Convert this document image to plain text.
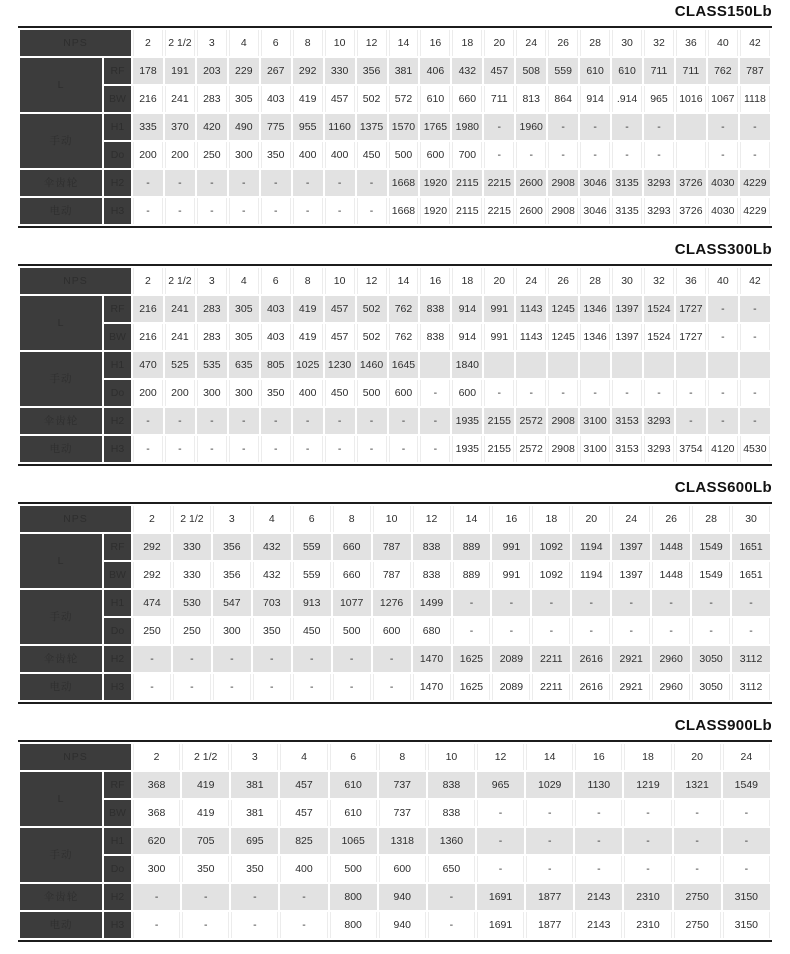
CLASS150Lb
NPS		2	2 1/2	3	4	6	8	10	12	14	16	18	20	24	26	28	30	32	36	40	42
L	RF	178	191	203	229	267	292	330	356	381	406	432	457	508	559	610	610	711	711	762	787
	BW	216	241	283	305	403	419	457	502	572	610	660	711	813	864	914	.914	965	1016	1067	1118
手动	H1	335	370	420	490	775	955	1160	1375	1570	1765	1980	-	1960	-	-	-	-		-	-
	Do	200	200	250	300	350	400	400	450	500	600	700	-	-	-	-	-	-		-	-
伞齿轮	H2	-	-	-	-	-	-	-	-	1668	1920	2115	2215	2600	2908	3046	3135	3293	3726	4030	4229
电动	H3	-	-	-	-	-	-	-	-	1668	1920	2115	2215	2600	2908	3046	3135	3293	3726	4030	4229
CLASS300Lb
NPS		2	2 1/2	3	4	6	8	10	12	14	16	18	20	24	26	28	30	32	36	40	42
L	RF	216	241	283	305	403	419	457	502	762	838	914	991	1143	1245	1346	1397	1524	1727	-	-
	BW	216	241	283	305	403	419	457	502	762	838	914	991	1143	1245	1346	1397	1524	1727	-	-
手动	H1	470	525	535	635	805	1025	1230	1460	1645		1840									
	Do	200	200	300	300	350	400	450	500	600	-	600	-	-	-	-	-	-	-	-	-
伞齿轮	H2	-	-	-	-	-	-	-	-	-	-	1935	2155	2572	2908	3100	3153	3293	-	-	-
电动	H3	-	-	-	-	-	-	-	-	-	-	1935	2155	2572	2908	3100	3153	3293	3754	4120	4530
CLASS600Lb
NPS		2	2 1/2	3	4	6	8	10	12	14	16	18	20	24	26	28	30
L	RF	292	330	356	432	559	660	787	838	889	991	1092	1194	1397	1448	1549	1651
	BW	292	330	356	432	559	660	787	838	889	991	1092	1194	1397	1448	1549	1651
手动	H1	474	530	547	703	913	1077	1276	1499	-	-	-	-	-	-	-	-
	Do	250	250	300	350	450	500	600	680	-	-	-	-	-	-	-	-
伞齿轮	H2	-	-	-	-	-	-	-	1470	1625	2089	2211	2616	2921	2960	3050	3112
电动	H3	-	-	-	-	-	-	-	1470	1625	2089	2211	2616	2921	2960	3050	3112
CLASS900Lb
NPS		2	2 1/2	3	4	6	8	10	12	14	16	18	20	24
L	RF	368	419	381	457	610	737	838	965	1029	1130	1219	1321	1549
	BW	368	419	381	457	610	737	838	-	-	-	-	-	-
手动	H1	620	705	695	825	1065	1318	1360	-	-	-	-	-	-
	Do	300	350	350	400	500	600	650	-	-	-	-	-	-
伞齿轮	H2	-	-	-	-	800	940	-	1691	1877	2143	2310	2750	3150
电动	H3	-	-	-	-	800	940	-	1691	1877	2143	2310	2750	3150
